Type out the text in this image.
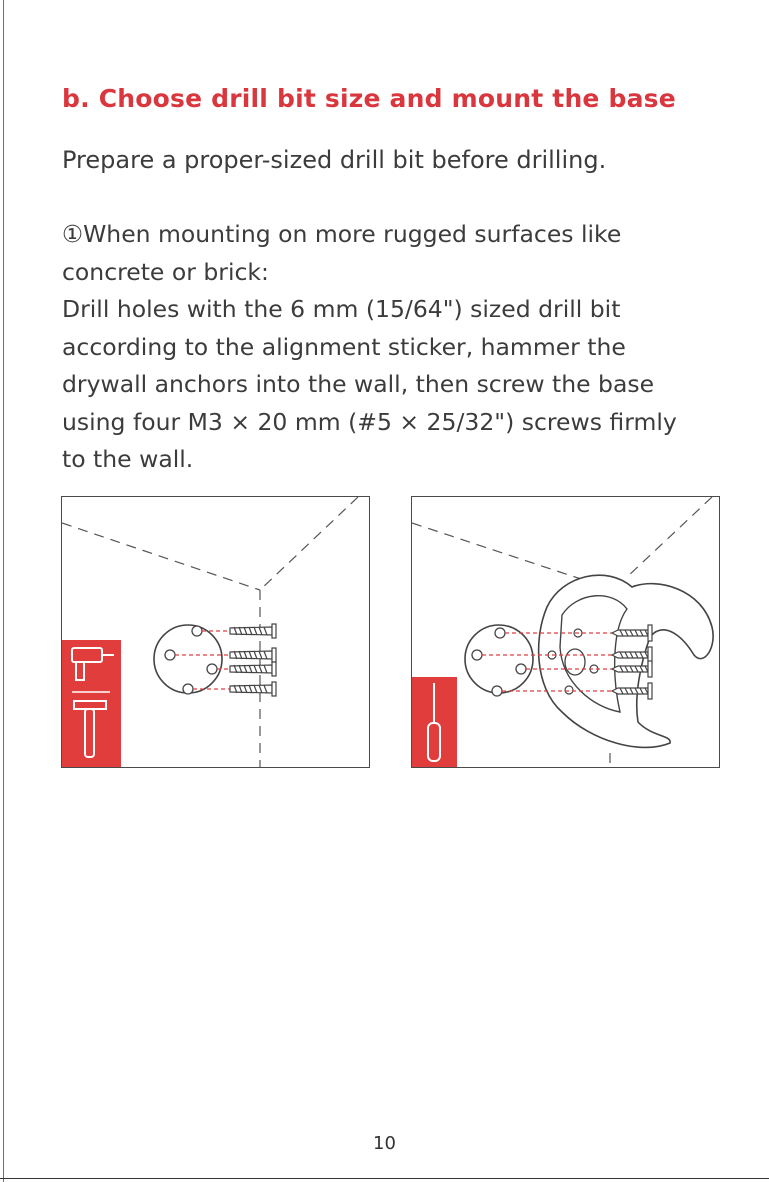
b. Choose drill bit size and mount the base

Prepare a proper-sized drill bit before drilling.

①When mounting on more rugged surfaces like
concrete or brick:
Drill holes with the 6 mm (15/64") sized drill bit
according to the alignment sticker, hammer the
drywall anchors into the wall, then screw the base
using four M3 × 20 mm (#5 × 25/32") screws firmly
to the wall.
10
